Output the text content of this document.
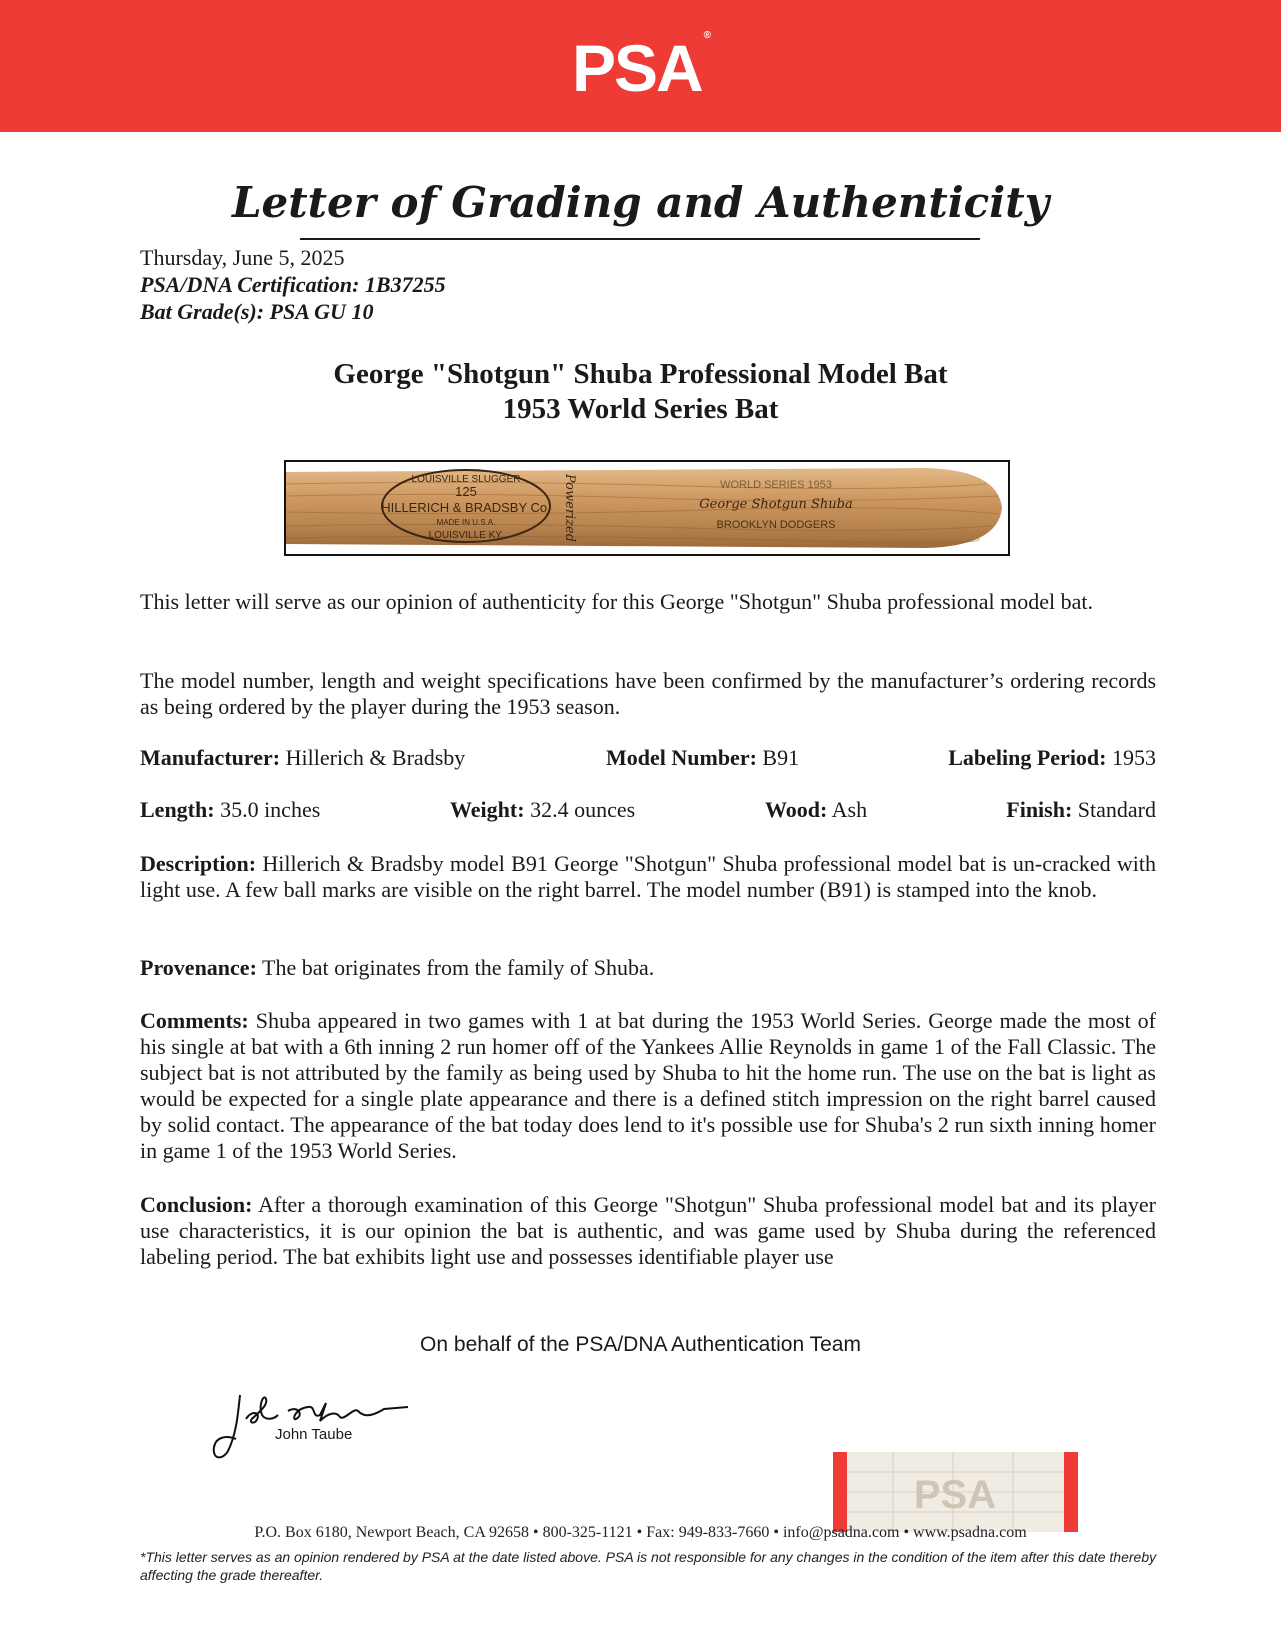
PSA ®
Letter of Grading and Authenticity
Thursday, June 5, 2025
PSA/DNA Certification: 1B37255
Bat Grade(s): PSA GU 10
George "Shotgun" Shuba Professional Model Bat
1953 World Series Bat
LOUISVILLE SLUGGER
125
HILLERICH & BRADSBY Co.
MADE IN U.S.A.
LOUISVILLE KY.	Powerized	WORLD SERIES 1953
George Shotgun Shuba
BROOKLYN DODGERS
This letter will serve as our opinion of authenticity for this George "Shotgun" Shuba professional model bat.
The model number, length and weight specifications have been confirmed by the manufacturer’s ordering records as being ordered by the player during the 1953 season.
Manufacturer: Hillerich & Bradsby	Model Number: B91	Labeling Period: 1953
Length: 35.0 inches	Weight: 32.4 ounces	Wood: Ash	Finish: Standard
Description: Hillerich & Bradsby model B91 George "Shotgun" Shuba professional model bat is un-cracked with light use. A few ball marks are visible on the right barrel. The model number (B91) is stamped into the knob.
Provenance: The bat originates from the family of Shuba.
Comments: Shuba appeared in two games with 1 at bat during the 1953 World Series. George made the most of his single at bat with a 6th inning 2 run homer off of the Yankees Allie Reynolds in game 1 of the Fall Classic. The subject bat is not attributed by the family as being used by Shuba to hit the home run. The use on the bat is light as would be expected for a single plate appearance and there is a defined stitch impression on the right barrel caused by solid contact. The appearance of the bat today does lend to it's possible use for Shuba's 2 run sixth inning homer in game 1 of the 1953 World Series.
Conclusion: After a thorough examination of this George "Shotgun" Shuba professional model bat and its player use characteristics, it is our opinion the bat is authentic, and was game used by Shuba during the referenced labeling period. The bat exhibits light use and possesses identifiable player use
On behalf of the PSA/DNA Authentication Team
John Taube
PSA
P.O. Box 6180, Newport Beach, CA 92658 • 800-325-1121 • Fax: 949-833-7660 • info@psadna.com • www.psadna.com
*This letter serves as an opinion rendered by PSA at the date listed above. PSA is not responsible for any changes in the condition of the item after this date thereby affecting the grade thereafter.
